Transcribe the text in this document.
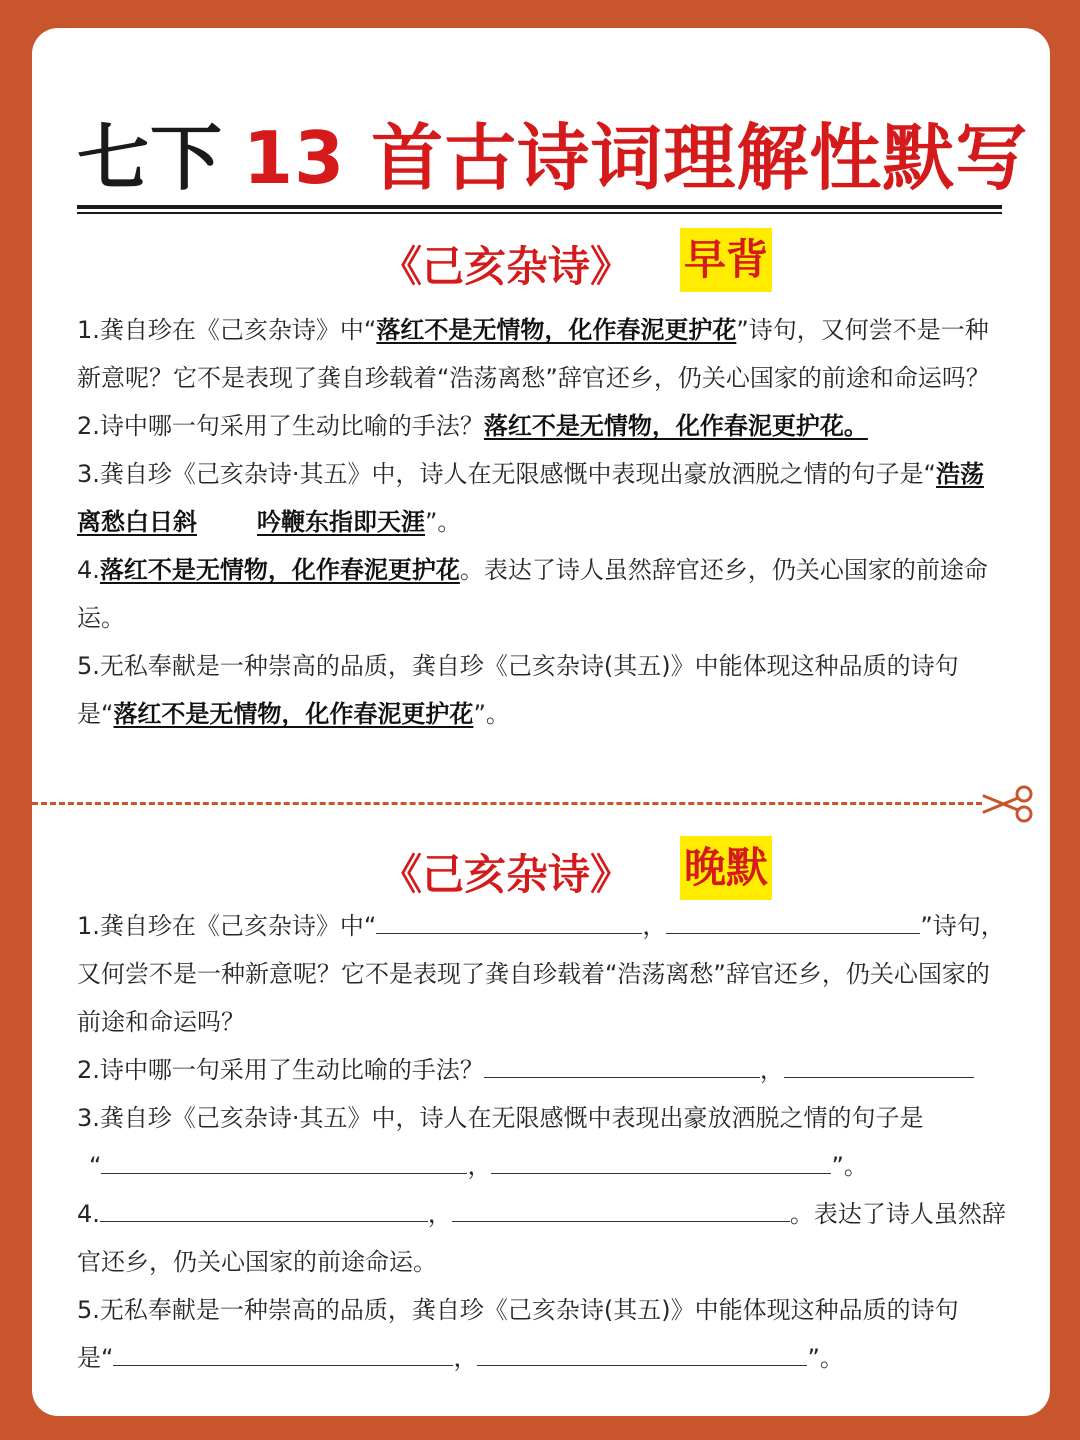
七下 13 首古诗词理解性默写
《己亥杂诗》 早背

1.龚自珍在《己亥杂诗》中“落红不是无情物，化作春泥更护花”诗句，又何尝不是一种新意呢？它不是表现了龚自珍载着“浩荡离愁”辞官还乡，仍关心国家的前途和命运吗？

2.诗中哪一句采用了生动比喻的手法？落红不是无情物，化作春泥更护花。

3.龚自珍《己亥杂诗·其五》中，诗人在无限感慨中表现出豪放洒脱之情的句子是“浩荡离愁白日斜	吟鞭东指即天涯”。

4.落红不是无情物，化作春泥更护花。表达了诗人虽然辞官还乡，仍关心国家的前途命运。

5.无私奉献是一种崇高的品质，龚自珍《己亥杂诗(其五)》中能体现这种品质的诗句是“落红不是无情物，化作春泥更护花”。

《己亥杂诗》 晚默

1.龚自珍在《己亥杂诗》中“	，	”诗句，又何尝不是一种新意呢？它不是表现了龚自珍载着“浩荡离愁”辞官还乡，仍关心国家的前途和命运吗？

2.诗中哪一句采用了生动比喻的手法？	，

3.龚自珍《己亥杂诗·其五》中，诗人在无限感慨中表现出豪放洒脱之情的句子是
“	，	”。

4.	，	。表达了诗人虽然辞官还乡，仍关心国家的前途命运。

5.无私奉献是一种崇高的品质，龚自珍《己亥杂诗(其五)》中能体现这种品质的诗句
是“	，	”。
